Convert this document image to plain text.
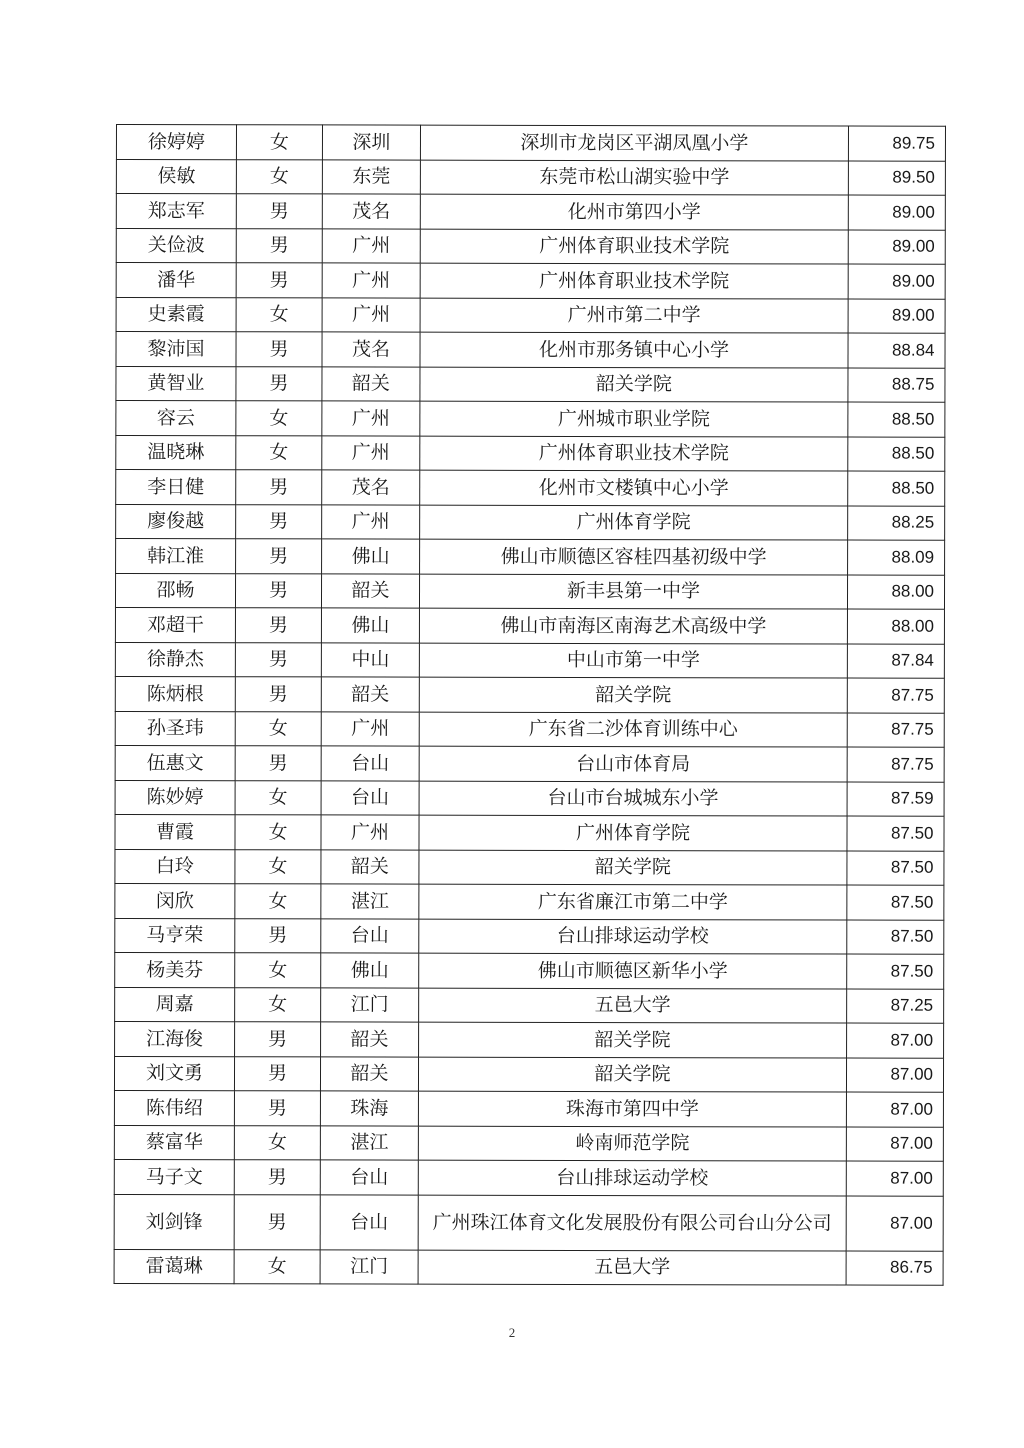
徐婷婷	女	深圳	深圳市龙岗区平湖凤凰小学	89.75
侯敏	女	东莞	东莞市松山湖实验中学	89.50
郑志军	男	茂名	化州市第四小学	89.00
关俭波	男	广州	广州体育职业技术学院	89.00
潘华	男	广州	广州体育职业技术学院	89.00
史素霞	女	广州	广州市第二中学	89.00
黎沛国	男	茂名	化州市那务镇中心小学	88.84
黄智业	男	韶关	韶关学院	88.75
容云	女	广州	广州城市职业学院	88.50
温晓琳	女	广州	广州体育职业技术学院	88.50
李日健	男	茂名	化州市文楼镇中心小学	88.50
廖俊越	男	广州	广州体育学院	88.25
韩江淮	男	佛山	佛山市顺德区容桂四基初级中学	88.09
邵畅	男	韶关	新丰县第一中学	88.00
邓超干	男	佛山	佛山市南海区南海艺术高级中学	88.00
徐静杰	男	中山	中山市第一中学	87.84
陈炳根	男	韶关	韶关学院	87.75
孙圣玮	女	广州	广东省二沙体育训练中心	87.75
伍惠文	男	台山	台山市体育局	87.75
陈妙婷	女	台山	台山市台城城东小学	87.59
曹霞	女	广州	广州体育学院	87.50
白玲	女	韶关	韶关学院	87.50
闵欣	女	湛江	广东省廉江市第二中学	87.50
马亨荣	男	台山	台山排球运动学校	87.50
杨美芬	女	佛山	佛山市顺德区新华小学	87.50
周嘉	女	江门	五邑大学	87.25
江海俊	男	韶关	韶关学院	87.00
刘文勇	男	韶关	韶关学院	87.00
陈伟绍	男	珠海	珠海市第四中学	87.00
蔡富华	女	湛江	岭南师范学院	87.00
马子文	男	台山	台山排球运动学校	87.00
刘剑锋	男	台山	广州珠江体育文化发展股份有限公司台山分公司	87.00
雷蔼琳	女	江门	五邑大学	86.75
2
